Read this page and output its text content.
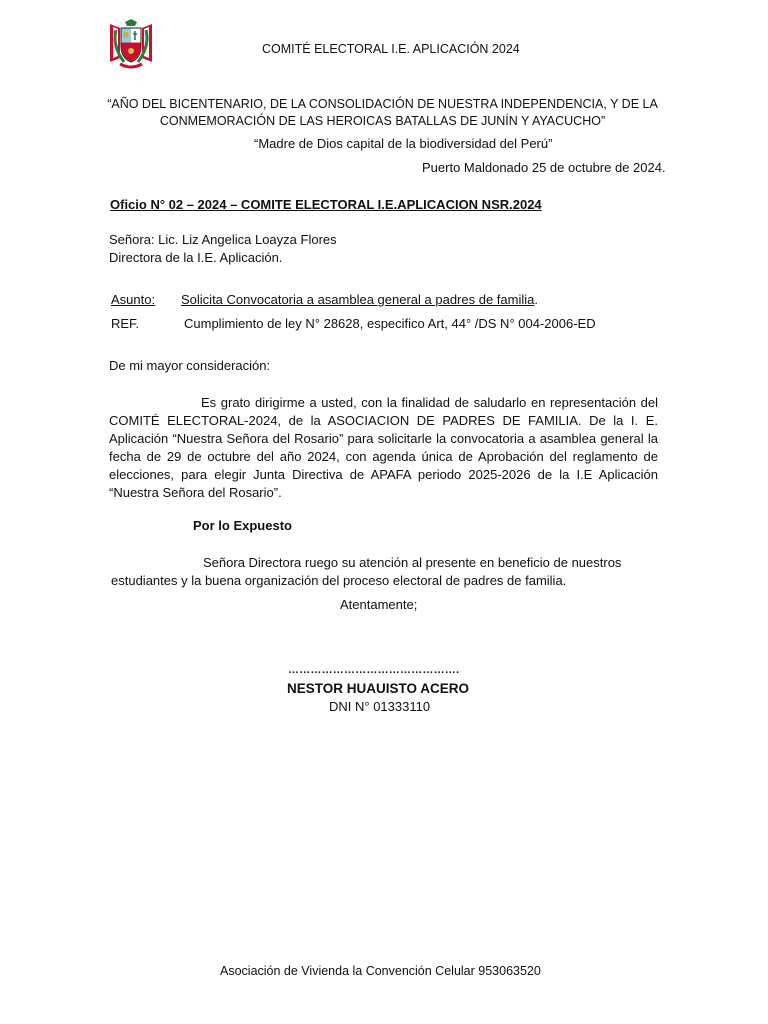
COMITÉ ELECTORAL I.E. APLICACIÓN 2024
“AÑO DEL BICENTENARIO, DE LA CONSOLIDACIÓN DE NUESTRA INDEPENDENCIA, Y DE LA CONMEMORACIÓN DE LAS HEROICAS BATALLAS DE JUNÍN Y AYACUCHO”
“Madre de Dios capital de la biodiversidad del Perú”
Puerto Maldonado 25 de octubre de 2024.
Oficio N° 02 – 2024 – COMITE ELECTORAL I.E.APLICACION NSR.2024
Señora: Lic. Liz Angelica Loayza Flores
Directora de la I.E. Aplicación.
Asunto: Solicita Convocatoria a asamblea general a padres de familia.
REF.	Cumplimiento de ley N° 28628, especifico Art, 44° /DS N° 004-2006-ED
De mi mayor consideración:
Es grato dirigirme a usted, con la finalidad de saludarlo en representación del COMITÉ ELECTORAL-2024, de la ASOCIACION DE PADRES DE FAMILIA. De la I. E. Aplicación “Nuestra Señora del Rosario” para solicitarle la convocatoria a asamblea general la fecha de 29 de octubre del año 2024, con agenda única de Aprobación del reglamento de elecciones, para elegir Junta Directiva de APAFA periodo 2025-2026 de la I.E Aplicación “Nuestra Señora del Rosario”.
Por lo Expuesto
Señora Directora ruego su atención al presente en beneficio de nuestros estudiantes y la buena organización del proceso electoral de padres de familia.
Atentamente;
……………………………………….
NESTOR HUAUISTO ACERO
DNI N° 01333110
Asociación de Vivienda la Convención Celular 953063520
